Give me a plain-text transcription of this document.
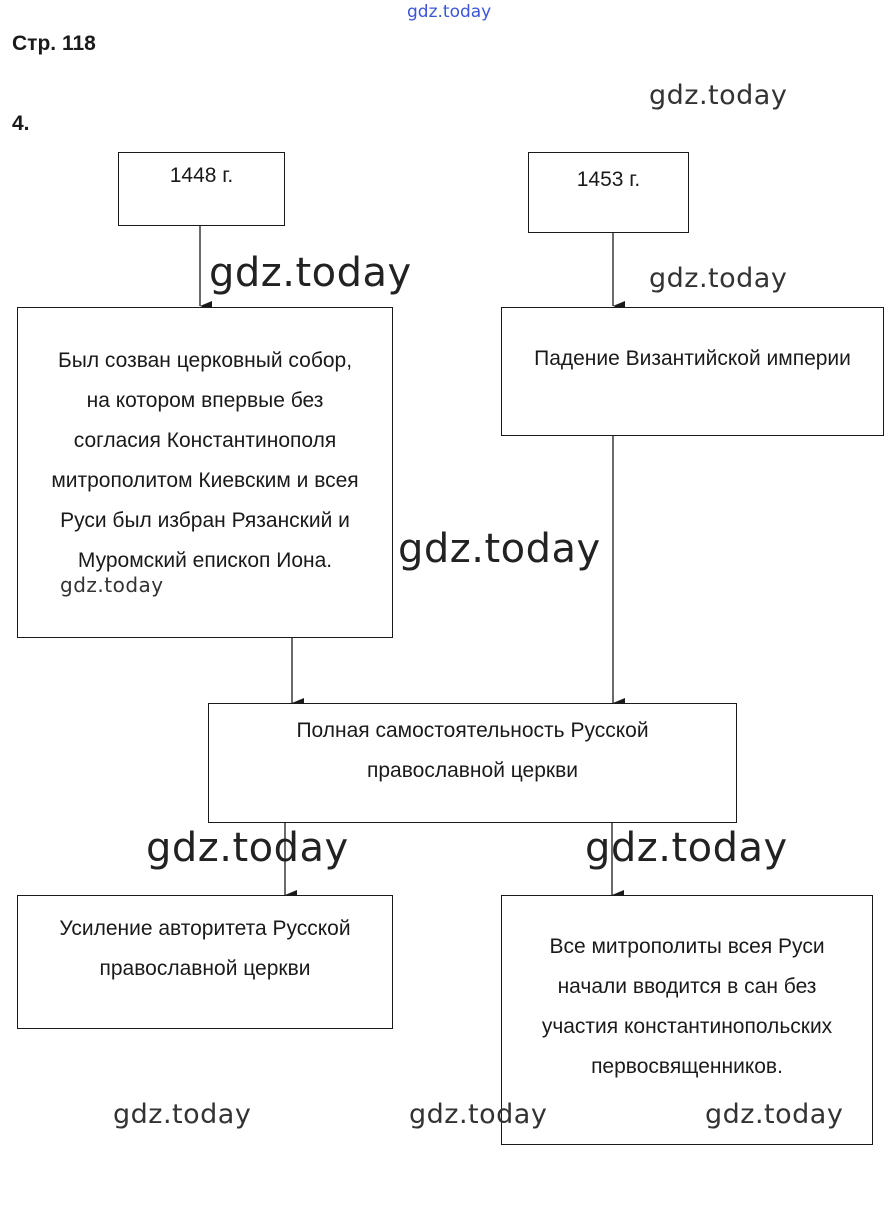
gdz.today
Стр. 118
4.
1448 г.	1453 г.
Был созван церковный собор,
на котором впервые без
согласия Константинополя
митрополитом Киевским и всея
Руси был избран Рязанский и
Муромский епископ Иона.
Падение Византийской империи
Полная самостоятельность Русской
православной церкви
Усиление авторитета Русской
православной церкви
Все митрополиты всея Руси
начали вводится в сан без
участия константинопольских
первосвященников.
gdz.today
gdz.today	gdz.today
gdz.today
gdz.today
gdz.today	gdz.today
gdz.today	gdz.today	gdz.today
